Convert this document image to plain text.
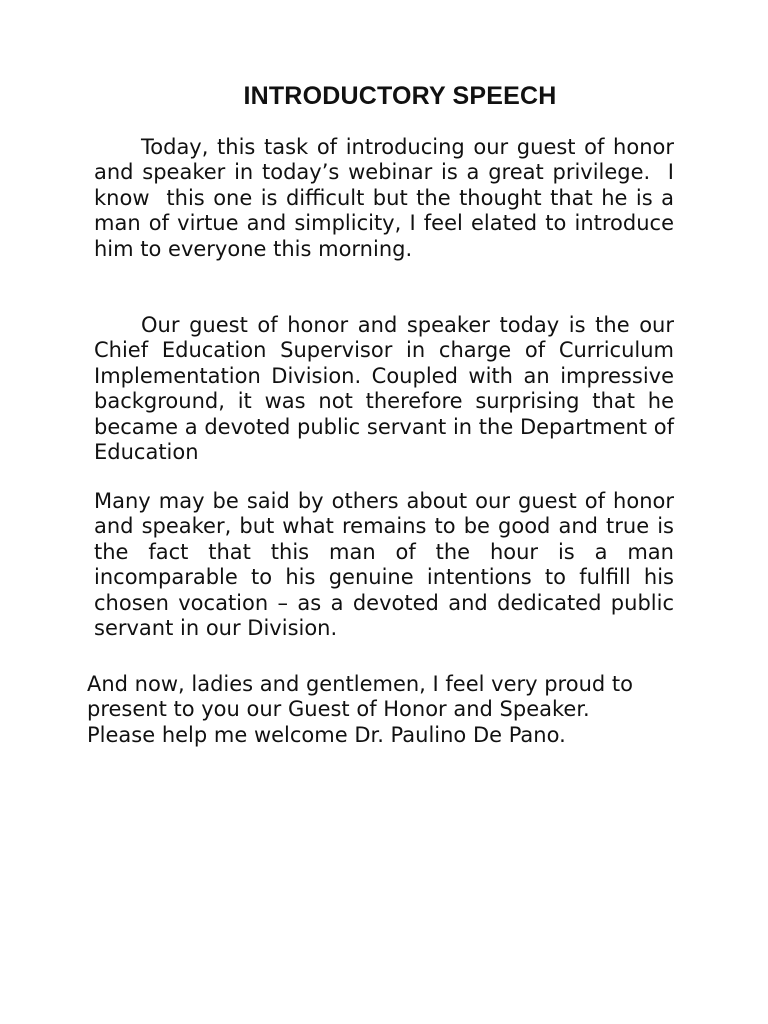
INTRODUCTORY SPEECH

Today, this task of introducing our guest of honor and speaker in today’s webinar is a great privilege.  I know  this one is difficult but the thought that he is a man of virtue and simplicity, I feel elated to introduce him to everyone this morning.

Our guest of honor and speaker today is the our Chief Education Supervisor in charge of Curriculum Implementation Division. Coupled with an impressive background, it was not therefore surprising that he became a devoted public servant in the Department of Education

Many may be said by others about our guest of honor and speaker, but what remains to be good and true is the fact that this man of the hour is a man incomparable to his genuine intentions to fulfill his chosen vocation – as a devoted and dedicated public servant in our Division.

And now, ladies and gentlemen, I feel very proud to
present to you our Guest of Honor and Speaker.
Please help me welcome Dr. Paulino De Pano.
